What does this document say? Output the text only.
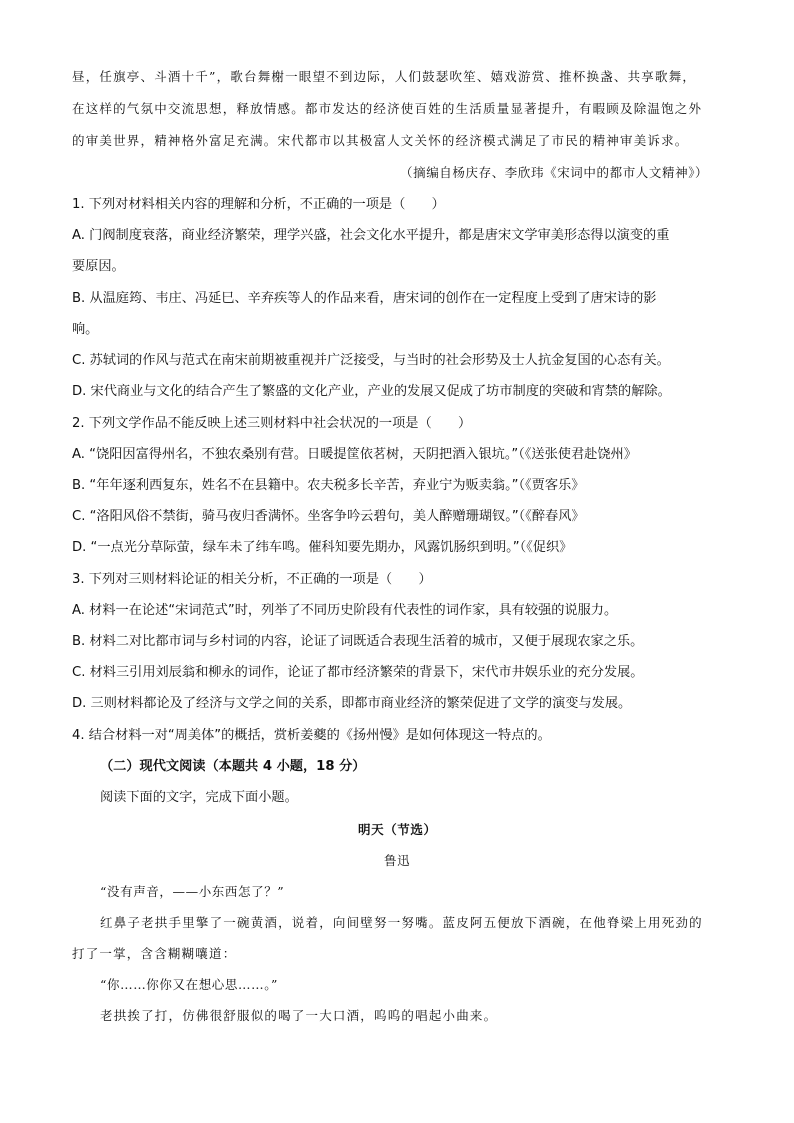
昼，任旗亭、斗酒十千”，歌台舞榭一眼望不到边际，人们鼓瑟吹笙、嬉戏游赏、推杯换盏、共享歌舞，
在这样的气氛中交流思想，释放情感。都市发达的经济使百姓的生活质量显著提升，有暇顾及除温饱之外
的审美世界，精神格外富足充满。宋代都市以其极富人文关怀的经济模式满足了市民的精神审美诉求。
（摘编自杨庆存、李欣玮《宋词中的都市人文精神》）
1. 下列对材料相关内容的理解和分析，不正确的一项是（　　）
A. 门阀制度衰落，商业经济繁荣，理学兴盛，社会文化水平提升，都是唐宋文学审美形态得以演变的重
要原因。
B. 从温庭筠、韦庄、冯延巳、辛弃疾等人的作品来看，唐宋词的创作在一定程度上受到了唐宋诗的影
响。
C. 苏轼词的作风与范式在南宋前期被重视并广泛接受，与当时的社会形势及士人抗金复国的心态有关。
D. 宋代商业与文化的结合产生了繁盛的文化产业，产业的发展又促成了坊市制度的突破和宵禁的解除。
2. 下列文学作品不能反映上述三则材料中社会状况的一项是（　　）
A. “饶阳因富得州名，不独农桑别有营。日暖提筐依茗树，天阴把酒入银坑。”（《送张使君赴饶州》
B. “年年逐利西复东，姓名不在县籍中。农夫税多长辛苦，弃业宁为贩卖翁。”（《贾客乐》
C. “洛阳风俗不禁街，骑马夜归香满怀。坐客争吟云碧句，美人醉赠珊瑚钗。”（《醉春风》
D. “一点光分草际萤，绿车未了纬车鸣。催科知要先期办，风露饥肠织到明。”（《促织》
3. 下列对三则材料论证的相关分析，不正确的一项是（　　）
A. 材料一在论述“宋词范式”时，列举了不同历史阶段有代表性的词作家，具有较强的说服力。
B. 材料二对比都市词与乡村词的内容，论证了词既适合表现生活着的城市，又便于展现农家之乐。
C. 材料三引用刘辰翁和柳永的词作，论证了都市经济繁荣的背景下，宋代市井娱乐业的充分发展。
D. 三则材料都论及了经济与文学之间的关系，即都市商业经济的繁荣促进了文学的演变与发展。
4. 结合材料一对“周美体”的概括，赏析姜夔的《扬州慢》是如何体现这一特点的。
（二）现代文阅读（本题共 4 小题，18 分）
阅读下面的文字，完成下面小题。
明天（节选）
鲁迅
“没有声音，——小东西怎了？”
红鼻子老拱手里擎了一碗黄酒，说着，向间壁努一努嘴。蓝皮阿五便放下酒碗，在他脊梁上用死劲的
打了一掌，含含糊糊嚷道：
“你……你你又在想心思……。”
老拱挨了打，仿佛很舒服似的喝了一大口酒，呜呜的唱起小曲来。
